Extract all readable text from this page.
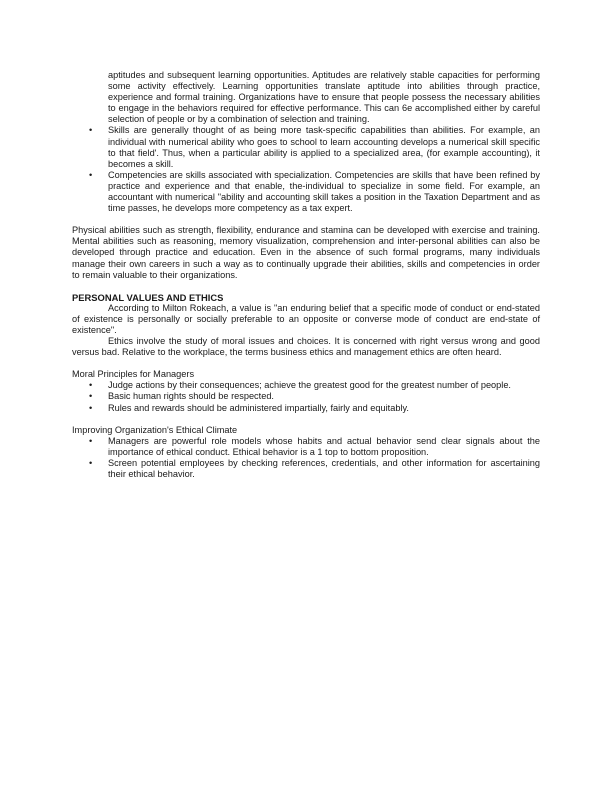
aptitudes and subsequent learning opportunities. Aptitudes are relatively stable capacities for performing some activity effectively. Learning opportunities translate aptitude into abilities through practice, experience and formal training. Organizations have to ensure that people possess the necessary abilities to engage in the behaviors required for effective performance. This can 6e accomplished either by careful selection of people or by a combination of selection and training.
• Skills are generally thought of as being more task-specific capabilities than abilities. For example, an individual with numerical ability who goes to school to learn accounting develops a numerical skill specific to that field'. Thus, when a particular ability is applied to a specialized area, (for example accounting), it becomes a skill.
• Competencies are skills associated with specialization. Competencies are skills that have been refined by practice and experience and that enable, the-individual to specialize in some field. For example, an accountant with numerical "ability and accounting skill takes a position in the Taxation Department and as time passes, he develops more competency as a tax expert.

Physical abilities such as strength, flexibility, endurance and stamina can be developed with exercise and training. Mental abilities such as reasoning, memory visualization, comprehension and inter-personal abilities can also be developed through practice and education. Even in the absence of such formal programs, many individuals manage their own careers in such a way as to continually upgrade their abilities, skills and competencies in order to remain valuable to their organizations.

PERSONAL VALUES AND ETHICS

According to Milton Rokeach, a value is "an enduring belief that a specific mode of conduct or end-stated of existence is personally or socially preferable to an opposite or converse mode of conduct are end-state of existence".

Ethics involve the study of moral issues and choices. It is concerned with right versus wrong and good versus bad. Relative to the workplace, the terms business ethics and management ethics are often heard.

Moral Principles for Managers

• Judge actions by their consequences; achieve the greatest good for the greatest number of people.
• Basic human rights should be respected.
• Rules and rewards should be administered impartially, fairly and equitably.

Improving Organization's Ethical Climate

• Managers are powerful role models whose habits and actual behavior send clear signals about the importance of ethical conduct. Ethical behavior is a 1 top to bottom proposition.
• Screen potential employees by checking references, credentials, and other information for ascertaining their ethical behavior.
